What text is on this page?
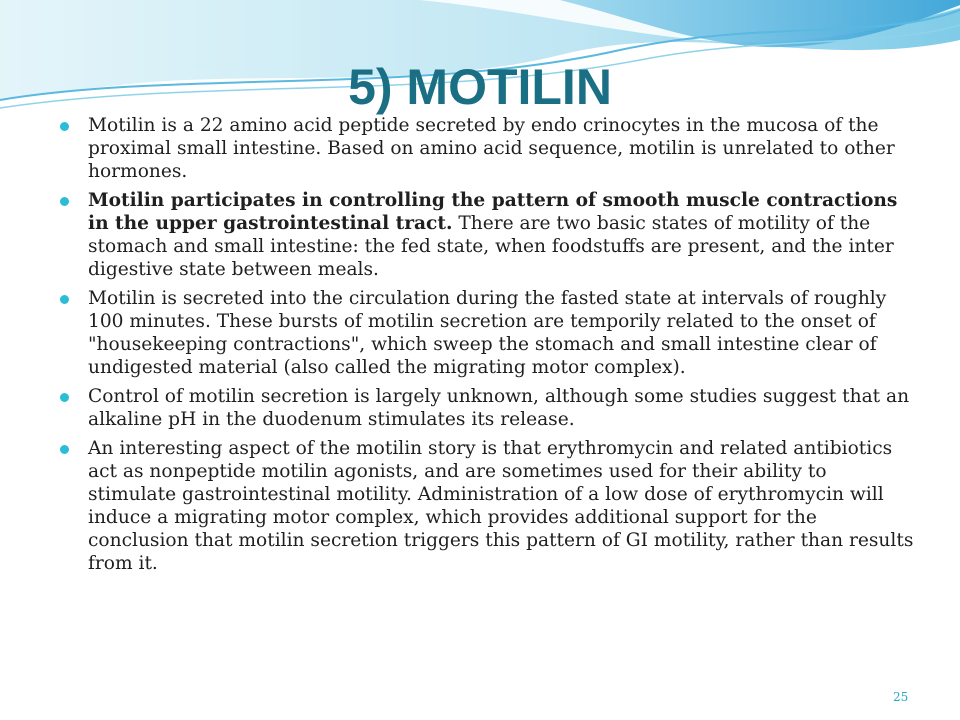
5) MOTILIN
Motilin is a 22 amino acid peptide secreted by endo crinocytes in the mucosa of the proximal small intestine. Based on amino acid sequence, motilin is unrelated to other hormones.
Motilin participates in controlling the pattern of smooth muscle contractions in the upper gastrointestinal tract. There are two basic states of motility of the stomach and small intestine: the fed state, when foodstuffs are present, and the inter digestive state between meals.
Motilin is secreted into the circulation during the fasted state at intervals of roughly 100 minutes. These bursts of motilin secretion are temporily related to the onset of "housekeeping contractions", which sweep the stomach and small intestine clear of undigested material (also called the migrating motor complex).
Control of motilin secretion is largely unknown, although some studies suggest that an alkaline pH in the duodenum stimulates its release.
An interesting aspect of the motilin story is that erythromycin and related antibiotics act as nonpeptide motilin agonists, and are sometimes used for their ability to stimulate gastrointestinal motility. Administration of a low dose of erythromycin will induce a migrating motor complex, which provides additional support for the conclusion that motilin secretion triggers this pattern of GI motility, rather than results from it.
25
